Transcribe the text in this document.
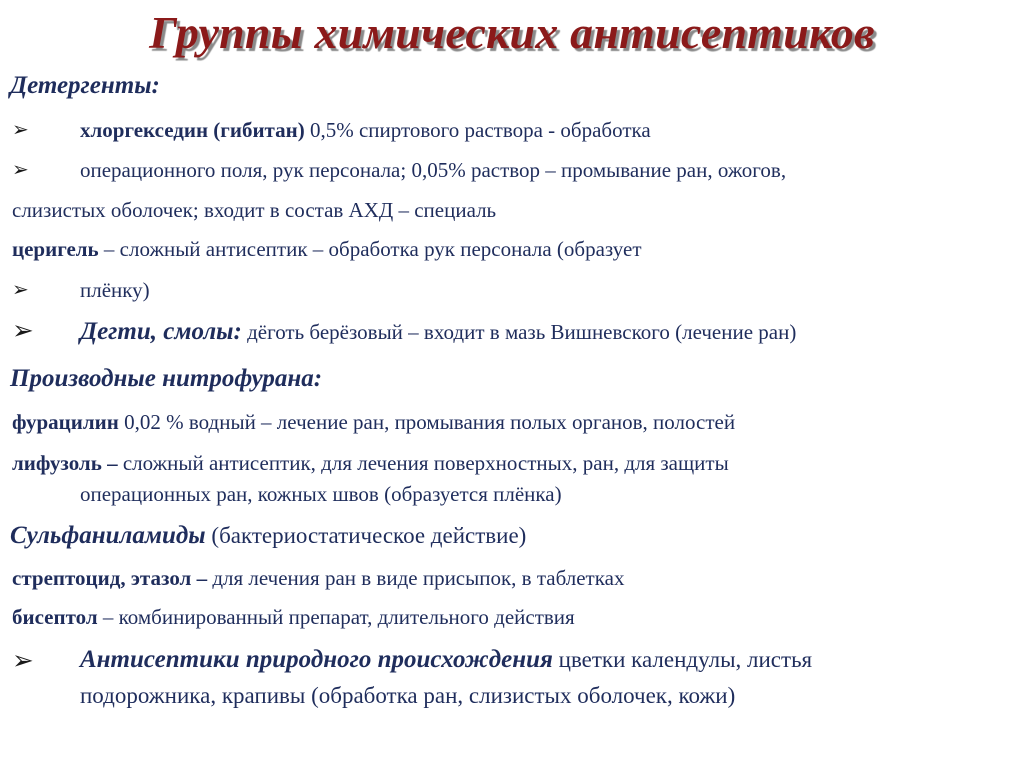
Группы химических антисептиков
Детергенты:
➢ хлоргекседин (гибитан) 0,5% спиртового раствора - обработка
➢ операционного поля, рук персонала; 0,05% раствор – промывание ран, ожогов,
слизистых оболочек; входит в состав АХД – специаль
церигель – сложный антисептик – обработка рук персонала (образует
➢ плёнку)
➢ Дегти, смолы: дёготь берёзовый – входит в мазь Вишневского (лечение ран)
Производные нитрофурана:
фурацилин 0,02 % водный – лечение ран, промывания полых органов, полостей
лифузоль – сложный антисептик, для лечения поверхностных, ран, для защиты
операционных ран, кожных швов (образуется плёнка)
Сульфаниламиды (бактериостатическое действие)
стрептоцид, этазол – для лечения ран в виде присыпок, в таблетках
бисептол – комбинированный препарат, длительного действия
➢ Антисептики природного происхождения цветки календулы, листья
подорожника, крапивы (обработка ран, слизистых оболочек, кожи)
